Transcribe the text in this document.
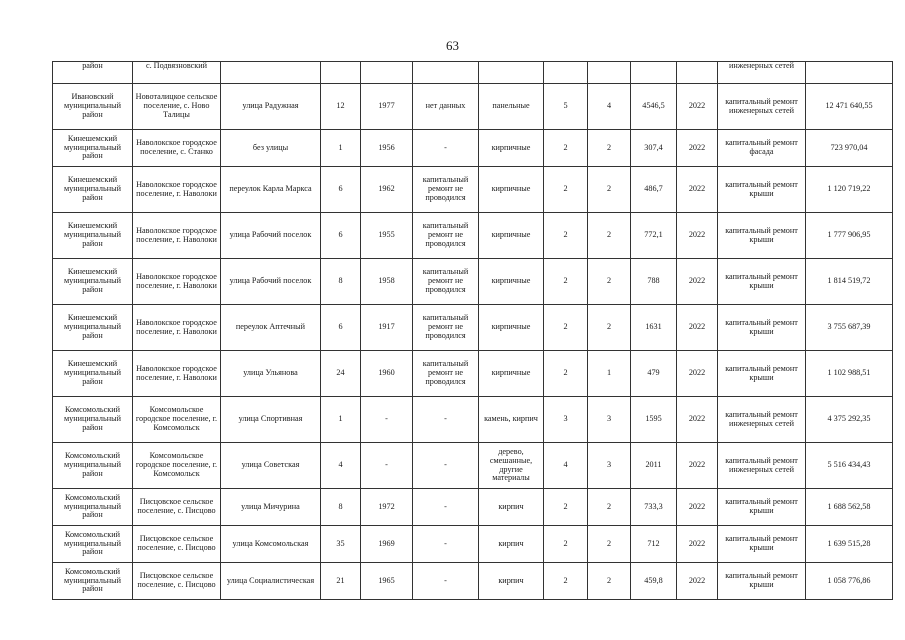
63
район	с. Подвязновский										инженерных сетей	
Ивановский муниципальный район	Новоталицкое сельское поселение, с. Ново Талицы	улица Радужная	12	1977	нет данных	панельные	5	4	4546,5	2022	капитальный ремонт инженерных сетей	12 471 640,55
Кинешемский муниципальный район	Наволокское городское поселение, с. Станко	без улицы	1	1956	-	кирпичные	2	2	307,4	2022	капитальный ремонт фасада	723 970,04
Кинешемский муниципальный район	Наволокское городское поселение, г. Наволоки	переулок Карла Маркса	6	1962	капитальный ремонт не проводился	кирпичные	2	2	486,7	2022	капитальный ремонт крыши	1 120 719,22
Кинешемский муниципальный район	Наволокское городское поселение, г. Наволоки	улица Рабочий поселок	6	1955	капитальный ремонт не проводился	кирпичные	2	2	772,1	2022	капитальный ремонт крыши	1 777 906,95
Кинешемский муниципальный район	Наволокское городское поселение, г. Наволоки	улица Рабочий поселок	8	1958	капитальный ремонт не проводился	кирпичные	2	2	788	2022	капитальный ремонт крыши	1 814 519,72
Кинешемский муниципальный район	Наволокское городское поселение, г. Наволоки	переулок Аптечный	6	1917	капитальный ремонт не проводился	кирпичные	2	2	1631	2022	капитальный ремонт крыши	3 755 687,39
Кинешемский муниципальный район	Наволокское городское поселение, г. Наволоки	улица Ульянова	24	1960	капитальный ремонт не проводился	кирпичные	2	1	479	2022	капитальный ремонт крыши	1 102 988,51
Комсомольский муниципальный район	Комсомольское городское поселение, г. Комсомольск	улица Спортивная	1	-	-	камень, кирпич	3	3	1595	2022	капитальный ремонт инженерных сетей	4 375 292,35
Комсомольский муниципальный район	Комсомольское городское поселение, г. Комсомольск	улица Советская	4	-	-	дерево, смешанные, другие материалы	4	3	2011	2022	капитальный ремонт инженерных сетей	5 516 434,43
Комсомольский муниципальный район	Писцовское сельское поселение, с. Писцово	улица Мичурина	8	1972	-	кирпич	2	2	733,3	2022	капитальный ремонт крыши	1 688 562,58
Комсомольский муниципальный район	Писцовское сельское поселение, с. Писцово	улица Комсомольская	35	1969	-	кирпич	2	2	712	2022	капитальный ремонт крыши	1 639 515,28
Комсомольский муниципальный район	Писцовское сельское поселение, с. Писцово	улица Социалистическая	21	1965	-	кирпич	2	2	459,8	2022	капитальный ремонт крыши	1 058 776,86
